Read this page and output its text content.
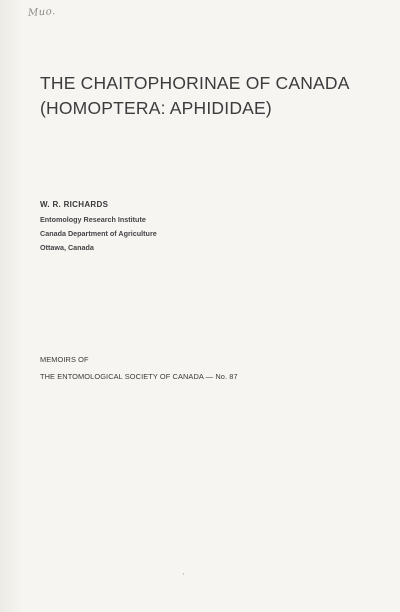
Muo.
THE CHAITOPHORINAE OF CANADA
(HOMOPTERA: APHIDIDAE)
W. R. RICHARDS
Entomology Research Institute
Canada Department of Agriculture
Ottawa, Canada
MEMOIRS OF
THE ENTOMOLOGICAL SOCIETY OF CANADA — No. 87
·
